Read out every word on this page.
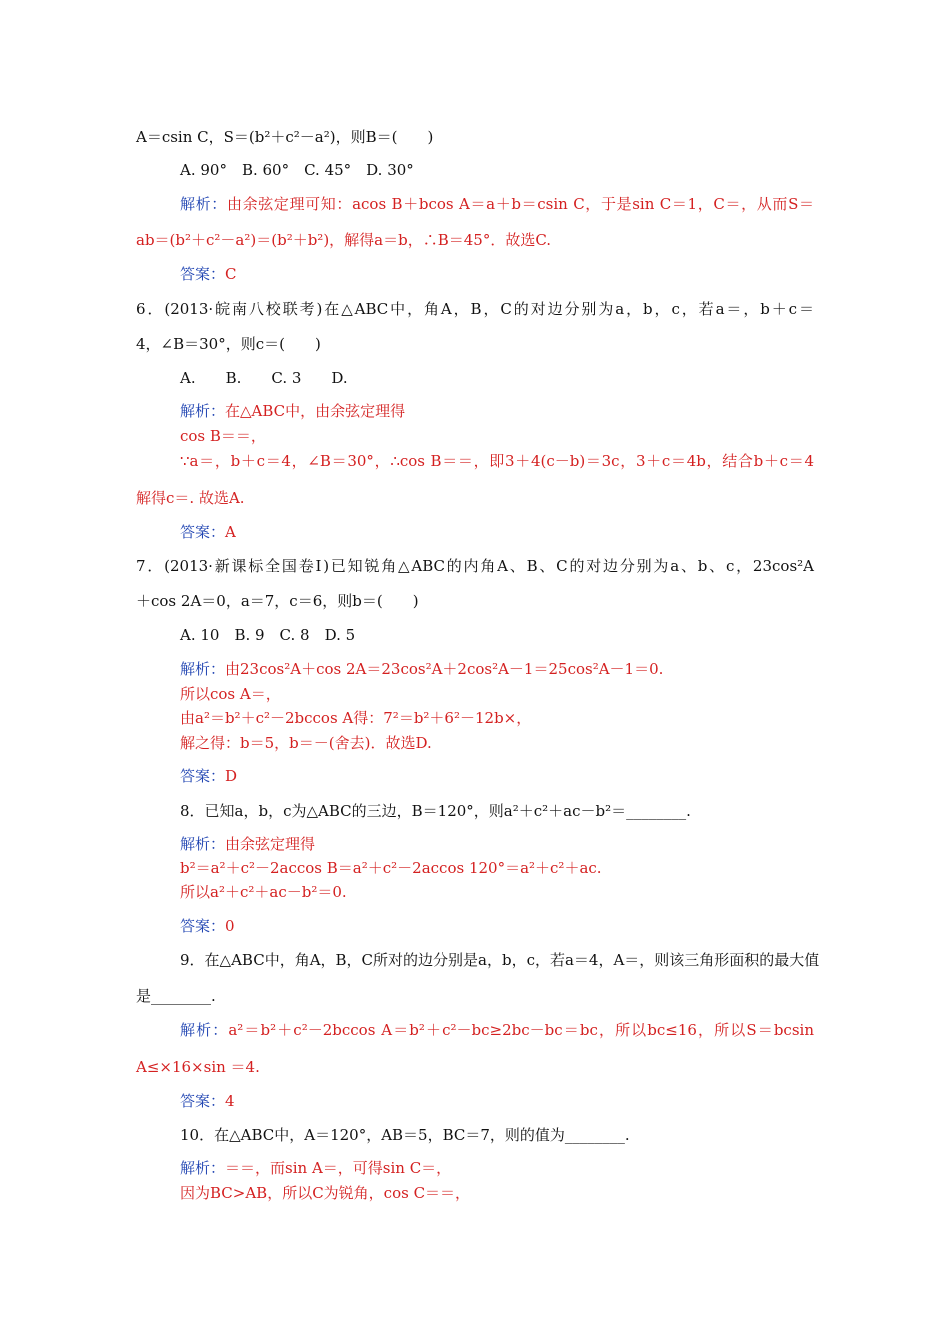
A＝csin C，S＝(b²＋c²－a²)，则B＝(　　)
A. 90°　B. 60°　C. 45°　D. 30°
解析：由余弦定理可知：acos B＋bcos A＝a＋b＝csin C，于是sin C＝1，C＝，从而S＝
ab＝(b²＋c²－a²)＝(b²＋b²)，解得a＝b，∴B＝45°．故选C.
答案：C
6．(2013·皖南八校联考)在△ABC中，角A，B，C的对边分别为a，b，c，若a＝，b＋c＝
4，∠B＝30°，则c＝(　　)
A.　　B.　　C. 3　　D.
解析：在△ABC中，由余弦定理得
cos B＝＝，
∵a＝，b＋c＝4，∠B＝30°，∴cos B＝＝，即3＋4(c－b)＝3c，3＋c＝4b，结合b＋c＝4
解得c＝. 故选A.
答案：A
7．(2013·新课标全国卷Ⅰ)已知锐角△ABC的内角A、B、C的对边分别为a、b、c，23cos²A
＋cos 2A＝0，a＝7，c＝6，则b＝(　　)
A. 10　B. 9　C. 8　D. 5
解析：由23cos²A＋cos 2A＝23cos²A＋2cos²A－1＝25cos²A－1＝0.
所以cos A＝，
由a²＝b²＋c²－2bccos A得：7²＝b²＋6²－12b×，
解之得：b＝5，b＝－(舍去)．故选D.
答案：D
8．已知a，b，c为△ABC的三边，B＝120°，则a²＋c²＋ac－b²＝________.
解析：由余弦定理得
b²＝a²＋c²－2accos B＝a²＋c²－2accos 120°＝a²＋c²＋ac.
所以a²＋c²＋ac－b²＝0.
答案：0
9．在△ABC中，角A，B，C所对的边分别是a，b，c，若a＝4，A＝，则该三角形面积的最大值
是________.
解析：a²＝b²＋c²－2bccos A＝b²＋c²－bc≥2bc－bc＝bc，所以bc≤16，所以S＝bcsin
A≤×16×sin ＝4.
答案：4
10．在△ABC中，A＝120°，AB＝5，BC＝7，则的值为________.
解析：＝＝，而sin A＝，可得sin C＝，
因为BC>AB，所以C为锐角，cos C＝＝，
